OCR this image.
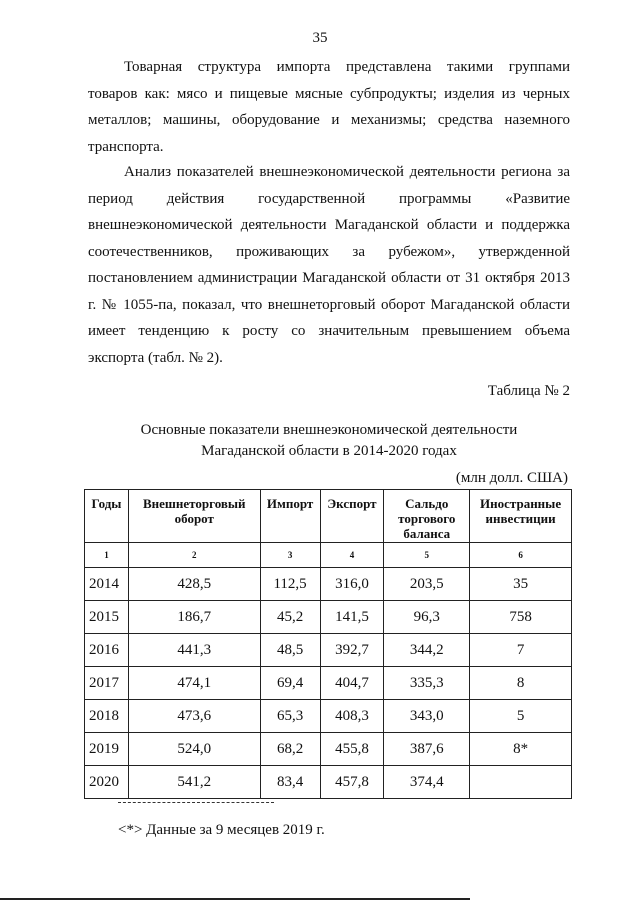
35
Товарная структура импорта представлена такими группами
товаров как: мясо и пищевые мясные субпродукты; изделия из черных
металлов; машины, оборудование и механизмы; средства наземного
транспорта.
Анализ показателей внешнеэкономической деятельности региона за
период действия государственной программы «Развитие
внешнеэкономической деятельности Магаданской области и поддержка
соотечественников, проживающих за рубежом», утвержденной
постановлением администрации Магаданской области от 31 октября 2013
г. № 1055-па, показал, что внешнеторговый оборот Магаданской области
имеет тенденцию к росту со значительным превышением объема
экспорта (табл. № 2).
Таблица № 2
Основные показатели внешнеэкономической деятельности
Магаданской области в 2014-2020 годах
(млн долл. США)
Годы	Внешнеторговый оборот	Импорт	Экспорт	Сальдо торгового баланса	Иностранные инвестиции
1	2	3	4	5	6
2014	428,5	112,5	316,0	203,5	35
2015	186,7	45,2	141,5	96,3	758
2016	441,3	48,5	392,7	344,2	7
2017	474,1	69,4	404,7	335,3	8
2018	473,6	65,3	408,3	343,0	5
2019	524,0	68,2	455,8	387,6	8*
2020	541,2	83,4	457,8	374,4	
<*> Данные за 9 месяцев 2019 г.
